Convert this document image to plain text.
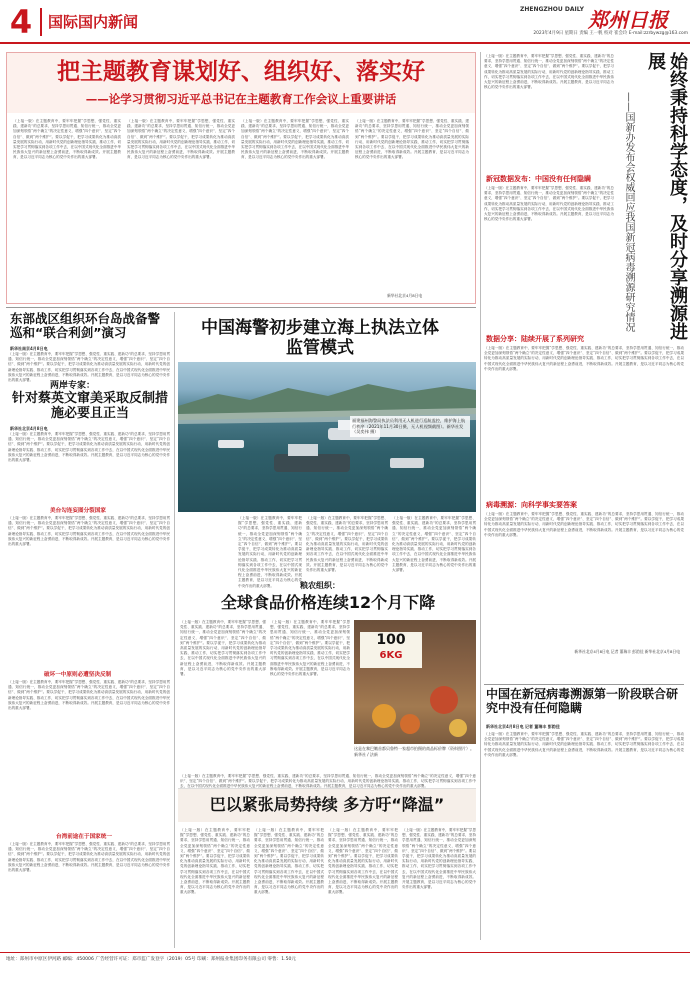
4	国际国内新闻
ZHENGZHOU DAILY 郑州日报
2023年4月9日 星期日 责编 王一帆 校对 崔会玲 E-mail:zzrbywzg@163.com
把主题教育谋划好、组织好、落实好
——论学习贯彻习近平总书记在主题教育工作会议上重要讲话
（上接一版）在主题教育中，要牢牢把握“学思想、强党性、重实践、建新功”的总要求，坚持学思用贯通、知信行统一，推动全党更加深刻领悟“两个确立”的决定性意义，增强“四个意识”、坚定“四个自信”、做到“两个维护”。要以学促干，把学习成果转化为推动高质量发展的实际行动，用新时代党的创新理论指导实践、推动工作，切实把学习贯彻落实到各项工作中去，在以中国式现代化全面推进中华民族伟大复兴的新征程上奋勇前进，不断取得新成效。开展主题教育，是以习近平同志为核心的党中央作出的重大部署。
（上接一版）在主题教育中，要牢牢把握“学思想、强党性、重实践、建新功”的总要求，坚持学思用贯通、知信行统一，推动全党更加深刻领悟“两个确立”的决定性意义，增强“四个意识”、坚定“四个自信”、做到“两个维护”。要以学促干，把学习成果转化为推动高质量发展的实际行动，用新时代党的创新理论指导实践、推动工作，切实把学习贯彻落实到各项工作中去，在以中国式现代化全面推进中华民族伟大复兴的新征程上奋勇前进，不断取得新成效。开展主题教育，是以习近平同志为核心的党中央作出的重大部署。
（上接一版）在主题教育中，要牢牢把握“学思想、强党性、重实践、建新功”的总要求，坚持学思用贯通、知信行统一，推动全党更加深刻领悟“两个确立”的决定性意义，增强“四个意识”、坚定“四个自信”、做到“两个维护”。要以学促干，把学习成果转化为推动高质量发展的实际行动，用新时代党的创新理论指导实践、推动工作，切实把学习贯彻落实到各项工作中去，在以中国式现代化全面推进中华民族伟大复兴的新征程上奋勇前进，不断取得新成效。开展主题教育，是以习近平同志为核心的党中央作出的重大部署。
（上接一版）在主题教育中，要牢牢把握“学思想、强党性、重实践、建新功”的总要求，坚持学思用贯通、知信行统一，推动全党更加深刻领悟“两个确立”的决定性意义，增强“四个意识”、坚定“四个自信”、做到“两个维护”。要以学促干，把学习成果转化为推动高质量发展的实际行动，用新时代党的创新理论指导实践、推动工作，切实把学习贯彻落实到各项工作中去，在以中国式现代化全面推进中华民族伟大复兴的新征程上奋勇前进，不断取得新成效。开展主题教育，是以习近平同志为核心的党中央作出的重大部署。
新华社北京4月8日电
（上接一版）在主题教育中，要牢牢把握“学思想、强党性、重实践、建新功”的总要求，坚持学思用贯通、知信行统一，推动全党更加深刻领悟“两个确立”的决定性意义，增强“四个意识”、坚定“四个自信”、做到“两个维护”。要以学促干，把学习成果转化为推动高质量发展的实际行动，用新时代党的创新理论指导实践、推动工作，切实把学习贯彻落实到各项工作中去，在以中国式现代化全面推进中华民族伟大复兴的新征程上奋勇前进，不断取得新成效。开展主题教育，是以习近平同志为核心的党中央作出的重大部署。	始终秉持科学态度，及时分享溯源进展
——国新办发布会权威回应我国新冠病毒溯源研究情况
新冠数据发布：中国没有任何隐瞒
（上接一版）在主题教育中，要牢牢把握“学思想、强党性、重实践、建新功”的总要求，坚持学思用贯通、知信行统一，推动全党更加深刻领悟“两个确立”的决定性意义，增强“四个意识”、坚定“四个自信”、做到“两个维护”。要以学促干，把学习成果转化为推动高质量发展的实际行动，用新时代党的创新理论指导实践、推动工作，切实把学习贯彻落实到各项工作中去，在以中国式现代化全面推进中华民族伟大复兴的新征程上奋勇前进，不断取得新成效。开展主题教育，是以习近平同志为核心的党中央作出的重大部署。
数据分享：陆续开展了系列研究
（上接一版）在主题教育中，要牢牢把握“学思想、强党性、重实践、建新功”的总要求，坚持学思用贯通、知信行统一，推动全党更加深刻领悟“两个确立”的决定性意义，增强“四个意识”、坚定“四个自信”、做到“两个维护”。要以学促干，把学习成果转化为推动高质量发展的实际行动，用新时代党的创新理论指导实践、推动工作，切实把学习贯彻落实到各项工作中去，在以中国式现代化全面推进中华民族伟大复兴的新征程上奋勇前进，不断取得新成效。开展主题教育，是以习近平同志为核心的党中央作出的重大部署。
病毒溯源：向科学事实要答案
（上接一版）在主题教育中，要牢牢把握“学思想、强党性、重实践、建新功”的总要求，坚持学思用贯通、知信行统一，推动全党更加深刻领悟“两个确立”的决定性意义，增强“四个意识”、坚定“四个自信”、做到“两个维护”。要以学促干，把学习成果转化为推动高质量发展的实际行动，用新时代党的创新理论指导实践、推动工作，切实把学习贯彻落实到各项工作中去，在以中国式现代化全面推进中华民族伟大复兴的新征程上奋勇前进，不断取得新成效。开展主题教育，是以习近平同志为核心的党中央作出的重大部署。
新华社北京4月8日电 记者 董瑞丰 彭韵佳 新华社北京4月8日电
中国在新冠病毒溯源第一阶段联合研究中没有任何隐瞒
新华社北京4月8日电 记者 董瑞丰 彭韵佳
（上接一版）在主题教育中，要牢牢把握“学思想、强党性、重实践、建新功”的总要求，坚持学思用贯通、知信行统一，推动全党更加深刻领悟“两个确立”的决定性意义，增强“四个意识”、坚定“四个自信”、做到“两个维护”。要以学促干，把学习成果转化为推动高质量发展的实际行动，用新时代党的创新理论指导实践、推动工作，切实把学习贯彻落实到各项工作中去，在以中国式现代化全面推进中华民族伟大复兴的新征程上奋勇前进，不断取得新成效。开展主题教育，是以习近平同志为核心的党中央作出的重大部署。
东部战区组织环台岛战备警巡和“联合利剑”演习
新华社南京4月8日电
（上接一版）在主题教育中，要牢牢把握“学思想、强党性、重实践、建新功”的总要求，坚持学思用贯通、知信行统一，推动全党更加深刻领悟“两个确立”的决定性意义，增强“四个意识”、坚定“四个自信”、做到“两个维护”。要以学促干，把学习成果转化为推动高质量发展的实际行动，用新时代党的创新理论指导实践、推动工作，切实把学习贯彻落实到各项工作中去，在以中国式现代化全面推进中华民族伟大复兴的新征程上奋勇前进，不断取得新成效。开展主题教育，是以习近平同志为核心的党中央作出的重大部署。
两岸专家：
针对蔡英文窜美采取反制措施必要且正当
新华社北京4月8日电
（上接一版）在主题教育中，要牢牢把握“学思想、强党性、重实践、建新功”的总要求，坚持学思用贯通、知信行统一，推动全党更加深刻领悟“两个确立”的决定性意义，增强“四个意识”、坚定“四个自信”、做到“两个维护”。要以学促干，把学习成果转化为推动高质量发展的实际行动，用新时代党的创新理论指导实践、推动工作，切实把学习贯彻落实到各项工作中去，在以中国式现代化全面推进中华民族伟大复兴的新征程上奋勇前进，不断取得新成效。开展主题教育，是以习近平同志为核心的党中央作出的重大部署。
美台勾连妄图分裂国家
（上接一版）在主题教育中，要牢牢把握“学思想、强党性、重实践、建新功”的总要求，坚持学思用贯通、知信行统一，推动全党更加深刻领悟“两个确立”的决定性意义，增强“四个意识”、坚定“四个自信”、做到“两个维护”。要以学促干，把学习成果转化为推动高质量发展的实际行动，用新时代党的创新理论指导实践、推动工作，切实把学习贯彻落实到各项工作中去，在以中国式现代化全面推进中华民族伟大复兴的新征程上奋勇前进，不断取得新成效。开展主题教育，是以习近平同志为核心的党中央作出的重大部署。
破坏一中原则必遭坚决反制
（上接一版）在主题教育中，要牢牢把握“学思想、强党性、重实践、建新功”的总要求，坚持学思用贯通、知信行统一，推动全党更加深刻领悟“两个确立”的决定性意义，增强“四个意识”、坚定“四个自信”、做到“两个维护”。要以学促干，把学习成果转化为推动高质量发展的实际行动，用新时代党的创新理论指导实践、推动工作，切实把学习贯彻落实到各项工作中去，在以中国式现代化全面推进中华民族伟大复兴的新征程上奋勇前进，不断取得新成效。开展主题教育，是以习近平同志为核心的党中央作出的重大部署。
台湾前途在于国家统一
（上接一版）在主题教育中，要牢牢把握“学思想、强党性、重实践、建新功”的总要求，坚持学思用贯通、知信行统一，推动全党更加深刻领悟“两个确立”的决定性意义，增强“四个意识”、坚定“四个自信”、做到“两个维护”。要以学促干，把学习成果转化为推动高质量发展的实际行动，用新时代党的创新理论指导实践、推动工作，切实把学习贯彻落实到各项工作中去，在以中国式现代化全面推进中华民族伟大复兴的新征程上奋勇前进，不断取得新成效。开展主题教育，是以习近平同志为核心的党中央作出的重大部署。
中国海警初步建立海上执法立体监管模式
福建福州海警局执法员利用无人机进行巡航监控，维护海上航行秩序（2021年11月30日摄，无人机视频截图）。新华社发（吴奕伟 摄）
（上接一版）在主题教育中，要牢牢把握“学思想、强党性、重实践、建新功”的总要求，坚持学思用贯通、知信行统一，推动全党更加深刻领悟“两个确立”的决定性意义，增强“四个意识”、坚定“四个自信”、做到“两个维护”。要以学促干，把学习成果转化为推动高质量发展的实际行动，用新时代党的创新理论指导实践、推动工作，切实把学习贯彻落实到各项工作中去，在以中国式现代化全面推进中华民族伟大复兴的新征程上奋勇前进，不断取得新成效。开展主题教育，是以习近平同志为核心的党中央作出的重大部署。
（上接一版）在主题教育中，要牢牢把握“学思想、强党性、重实践、建新功”的总要求，坚持学思用贯通、知信行统一，推动全党更加深刻领悟“两个确立”的决定性意义，增强“四个意识”、坚定“四个自信”、做到“两个维护”。要以学促干，把学习成果转化为推动高质量发展的实际行动，用新时代党的创新理论指导实践、推动工作，切实把学习贯彻落实到各项工作中去，在以中国式现代化全面推进中华民族伟大复兴的新征程上奋勇前进，不断取得新成效。开展主题教育，是以习近平同志为核心的党中央作出的重大部署。
（上接一版）在主题教育中，要牢牢把握“学思想、强党性、重实践、建新功”的总要求，坚持学思用贯通、知信行统一，推动全党更加深刻领悟“两个确立”的决定性意义，增强“四个意识”、坚定“四个自信”、做到“两个维护”。要以学促干，把学习成果转化为推动高质量发展的实际行动，用新时代党的创新理论指导实践、推动工作，切实把学习贯彻落实到各项工作中去，在以中国式现代化全面推进中华民族伟大复兴的新征程上奋勇前进，不断取得新成效。开展主题教育，是以习近平同志为核心的党中央作出的重大部署。
粮农组织：
全球食品价格连续12个月下降
（上接一版）在主题教育中，要牢牢把握“学思想、强党性、重实践、建新功”的总要求，坚持学思用贯通、知信行统一，推动全党更加深刻领悟“两个确立”的决定性意义，增强“四个意识”、坚定“四个自信”、做到“两个维护”。要以学促干，把学习成果转化为推动高质量发展的实际行动，用新时代党的创新理论指导实践、推动工作，切实把学习贯彻落实到各项工作中去，在以中国式现代化全面推进中华民族伟大复兴的新征程上奋勇前进，不断取得新成效。开展主题教育，是以习近平同志为核心的党中央作出的重大部署。
（上接一版）在主题教育中，要牢牢把握“学思想、强党性、重实践、建新功”的总要求，坚持学思用贯通、知信行统一，推动全党更加深刻领悟“两个确立”的决定性意义，增强“四个意识”、坚定“四个自信”、做到“两个维护”。要以学促干，把学习成果转化为推动高质量发展的实际行动，用新时代党的创新理论指导实践、推动工作，切实把学习贯彻落实到各项工作中去，在以中国式现代化全面推进中华民族伟大复兴的新征程上奋勇前进，不断取得新成效。开展主题教育，是以习近平同志为核心的党中央作出的重大部署。
100
6KG
这是在黎巴嫩首都贝鲁特一家超市拍摄的商品标价牌（资料照片）。新华社 / 法新
（上接一版）在主题教育中，要牢牢把握“学思想、强党性、重实践、建新功”的总要求，坚持学思用贯通、知信行统一，推动全党更加深刻领悟“两个确立”的决定性意义，增强“四个意识”、坚定“四个自信”、做到“两个维护”。要以学促干，把学习成果转化为推动高质量发展的实际行动，用新时代党的创新理论指导实践、推动工作，切实把学习贯彻落实到各项工作中去，在以中国式现代化全面推进中华民族伟大复兴的新征程上奋勇前进，不断取得新成效。开展主题教育，是以习近平同志为核心的党中央作出的重大部署。
巴以紧张局势持续 多方吁“降温”
（上接一版）在主题教育中，要牢牢把握“学思想、强党性、重实践、建新功”的总要求，坚持学思用贯通、知信行统一，推动全党更加深刻领悟“两个确立”的决定性意义，增强“四个意识”、坚定“四个自信”、做到“两个维护”。要以学促干，把学习成果转化为推动高质量发展的实际行动，用新时代党的创新理论指导实践、推动工作，切实把学习贯彻落实到各项工作中去，在以中国式现代化全面推进中华民族伟大复兴的新征程上奋勇前进，不断取得新成效。开展主题教育，是以习近平同志为核心的党中央作出的重大部署。
（上接一版）在主题教育中，要牢牢把握“学思想、强党性、重实践、建新功”的总要求，坚持学思用贯通、知信行统一，推动全党更加深刻领悟“两个确立”的决定性意义，增强“四个意识”、坚定“四个自信”、做到“两个维护”。要以学促干，把学习成果转化为推动高质量发展的实际行动，用新时代党的创新理论指导实践、推动工作，切实把学习贯彻落实到各项工作中去，在以中国式现代化全面推进中华民族伟大复兴的新征程上奋勇前进，不断取得新成效。开展主题教育，是以习近平同志为核心的党中央作出的重大部署。
（上接一版）在主题教育中，要牢牢把握“学思想、强党性、重实践、建新功”的总要求，坚持学思用贯通、知信行统一，推动全党更加深刻领悟“两个确立”的决定性意义，增强“四个意识”、坚定“四个自信”、做到“两个维护”。要以学促干，把学习成果转化为推动高质量发展的实际行动，用新时代党的创新理论指导实践、推动工作，切实把学习贯彻落实到各项工作中去，在以中国式现代化全面推进中华民族伟大复兴的新征程上奋勇前进，不断取得新成效。开展主题教育，是以习近平同志为核心的党中央作出的重大部署。
（上接一版）在主题教育中，要牢牢把握“学思想、强党性、重实践、建新功”的总要求，坚持学思用贯通、知信行统一，推动全党更加深刻领悟“两个确立”的决定性意义，增强“四个意识”、坚定“四个自信”、做到“两个维护”。要以学促干，把学习成果转化为推动高质量发展的实际行动，用新时代党的创新理论指导实践、推动工作，切实把学习贯彻落实到各项工作中去，在以中国式现代化全面推进中华民族伟大复兴的新征程上奋勇前进，不断取得新成效。开展主题教育，是以习近平同志为核心的党中央作出的重大部署。
地址：郑州市中原区伊河路 邮编：450006 广告经营许可证：郑市监广发登字（2019）05号 印刷：郑州报业集团印务有限公司 零售：1.50元
